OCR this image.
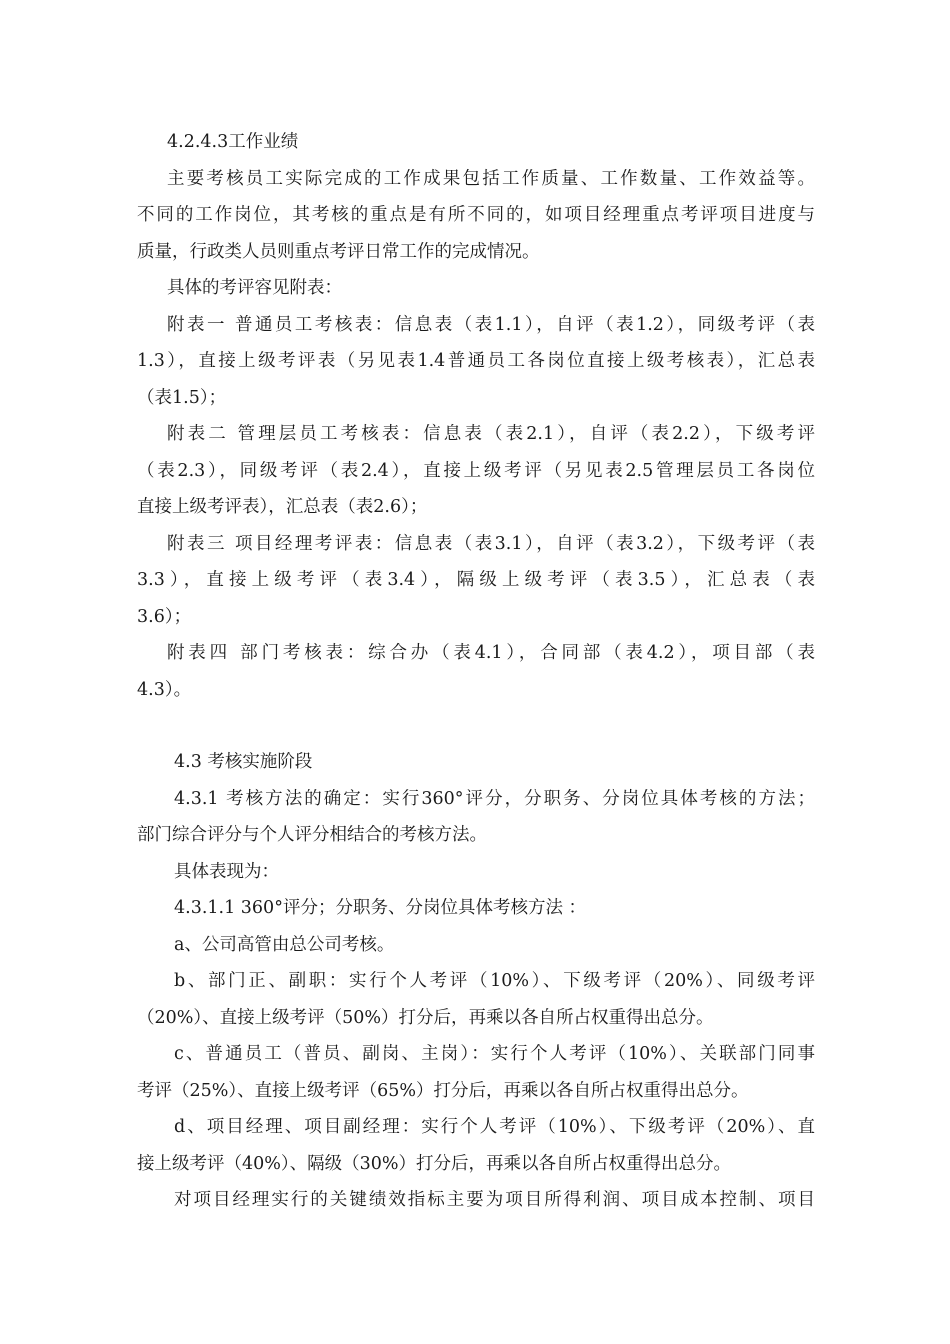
4.2.4.3工作业绩
主要考核员工实际完成的工作成果包括工作质量、工作数量、工作效益等。
不同的工作岗位，其考核的重点是有所不同的，如项目经理重点考评项目进度与
质量，行政类人员则重点考评日常工作的完成情况。
具体的考评容见附表：
附表一 普通员工考核表：信息表（表1.1），自评（表1.2），同级考评（表
1.3），直接上级考评表（另见表1.4普通员工各岗位直接上级考核表），汇总表
（表1.5）；
附表二 管理层员工考核表：信息表（表2.1），自评（表2.2），下级考评
（表2.3），同级考评（表2.4），直接上级考评（另见表2.5管理层员工各岗位
直接上级考评表），汇总表（表2.6）；
附表三 项目经理考评表：信息表（表3.1），自评（表3.2），下级考评（表
3.3），直接上级考评（表3.4），隔级上级考评（表3.5），汇总表（表
3.6）；
附表四 部门考核表：综合办（表4.1），合同部（表4.2），项目部（表
4.3）。
4.3 考核实施阶段
4.3.1 考核方法的确定：实行360°评分，分职务、分岗位具体考核的方法；
部门综合评分与个人评分相结合的考核方法。
具体表现为：
4.3.1.1 360°评分；分职务、分岗位具体考核方法 ：
a、公司高管由总公司考核。
b、部门正、副职：实行个人考评（10%）、下级考评（20%）、同级考评
（20%）、直接上级考评（50%）打分后，再乘以各自所占权重得出总分。
c、普通员工（普员、副岗、主岗）：实行个人考评（10%）、关联部门同事
考评（25%）、直接上级考评（65%）打分后，再乘以各自所占权重得出总分。
d、项目经理、项目副经理：实行个人考评（10%）、下级考评（20%）、直
接上级考评（40%）、隔级（30%）打分后，再乘以各自所占权重得出总分。
对项目经理实行的关键绩效指标主要为项目所得利润、项目成本控制、项目
